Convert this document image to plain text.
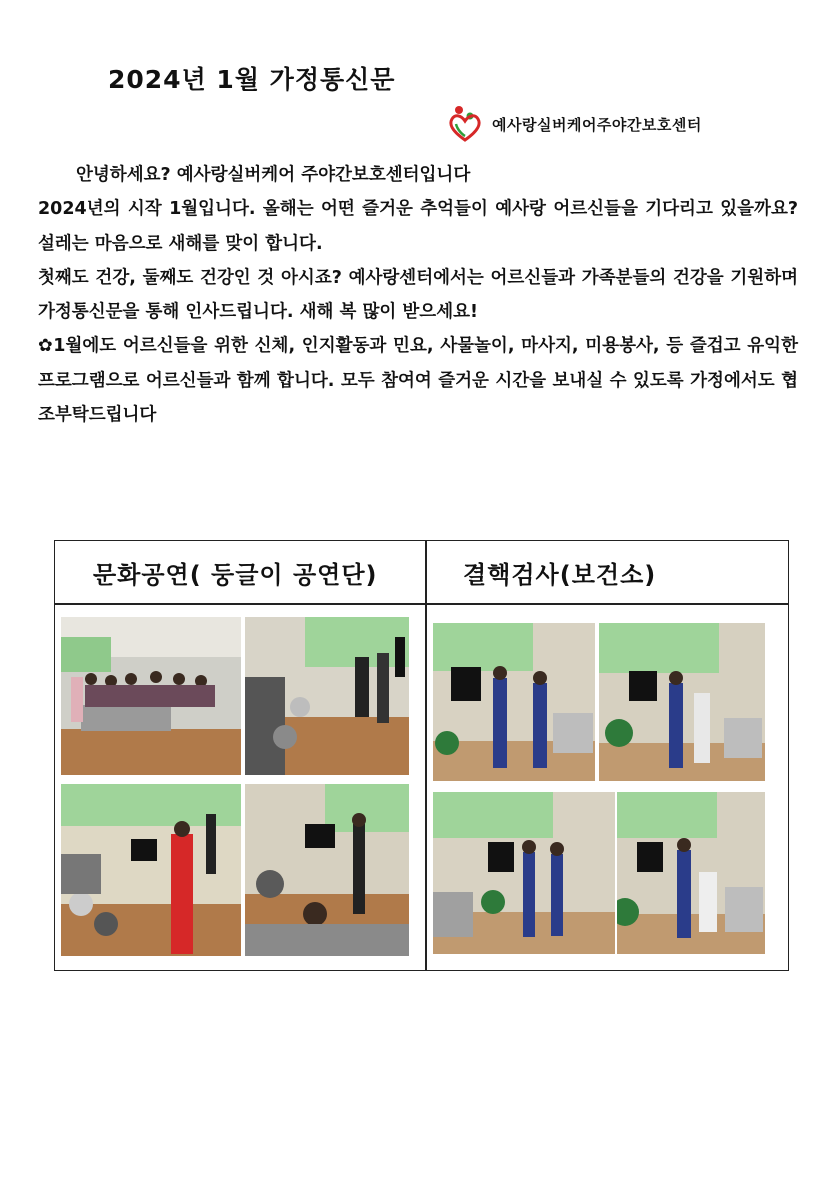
2024년 1월 가정통신문
예사랑실버케어주야간보호센터

안녕하세요? 예사랑실버케어 주야간보호센터입니다

2024년의 시작 1월입니다. 올해는 어떤 즐거운 추억들이 예사랑 어르신들을 기다리고 있을까요? 설레는 마음으로 새해를 맞이 합니다.

첫째도 건강, 둘째도 건강인 것 아시죠? 예사랑센터에서는 어르신들과 가족분들의 건강을 기원하며 가정통신문을 통해 인사드립니다. 새해 복 많이 받으세요!

✿1월에도 어르신들을 위한 신체, 인지활동과 민요, 사물놀이, 마사지, 미용봉사, 등 즐겁고 유익한 프로그램으로 어르신들과 함께 합니다. 모두 참여여 즐거운 시간을 보내실 수 있도록 가정에서도 협조부탁드립니다

문화공연( 둥글이 공연단)	결핵검사(보건소)
